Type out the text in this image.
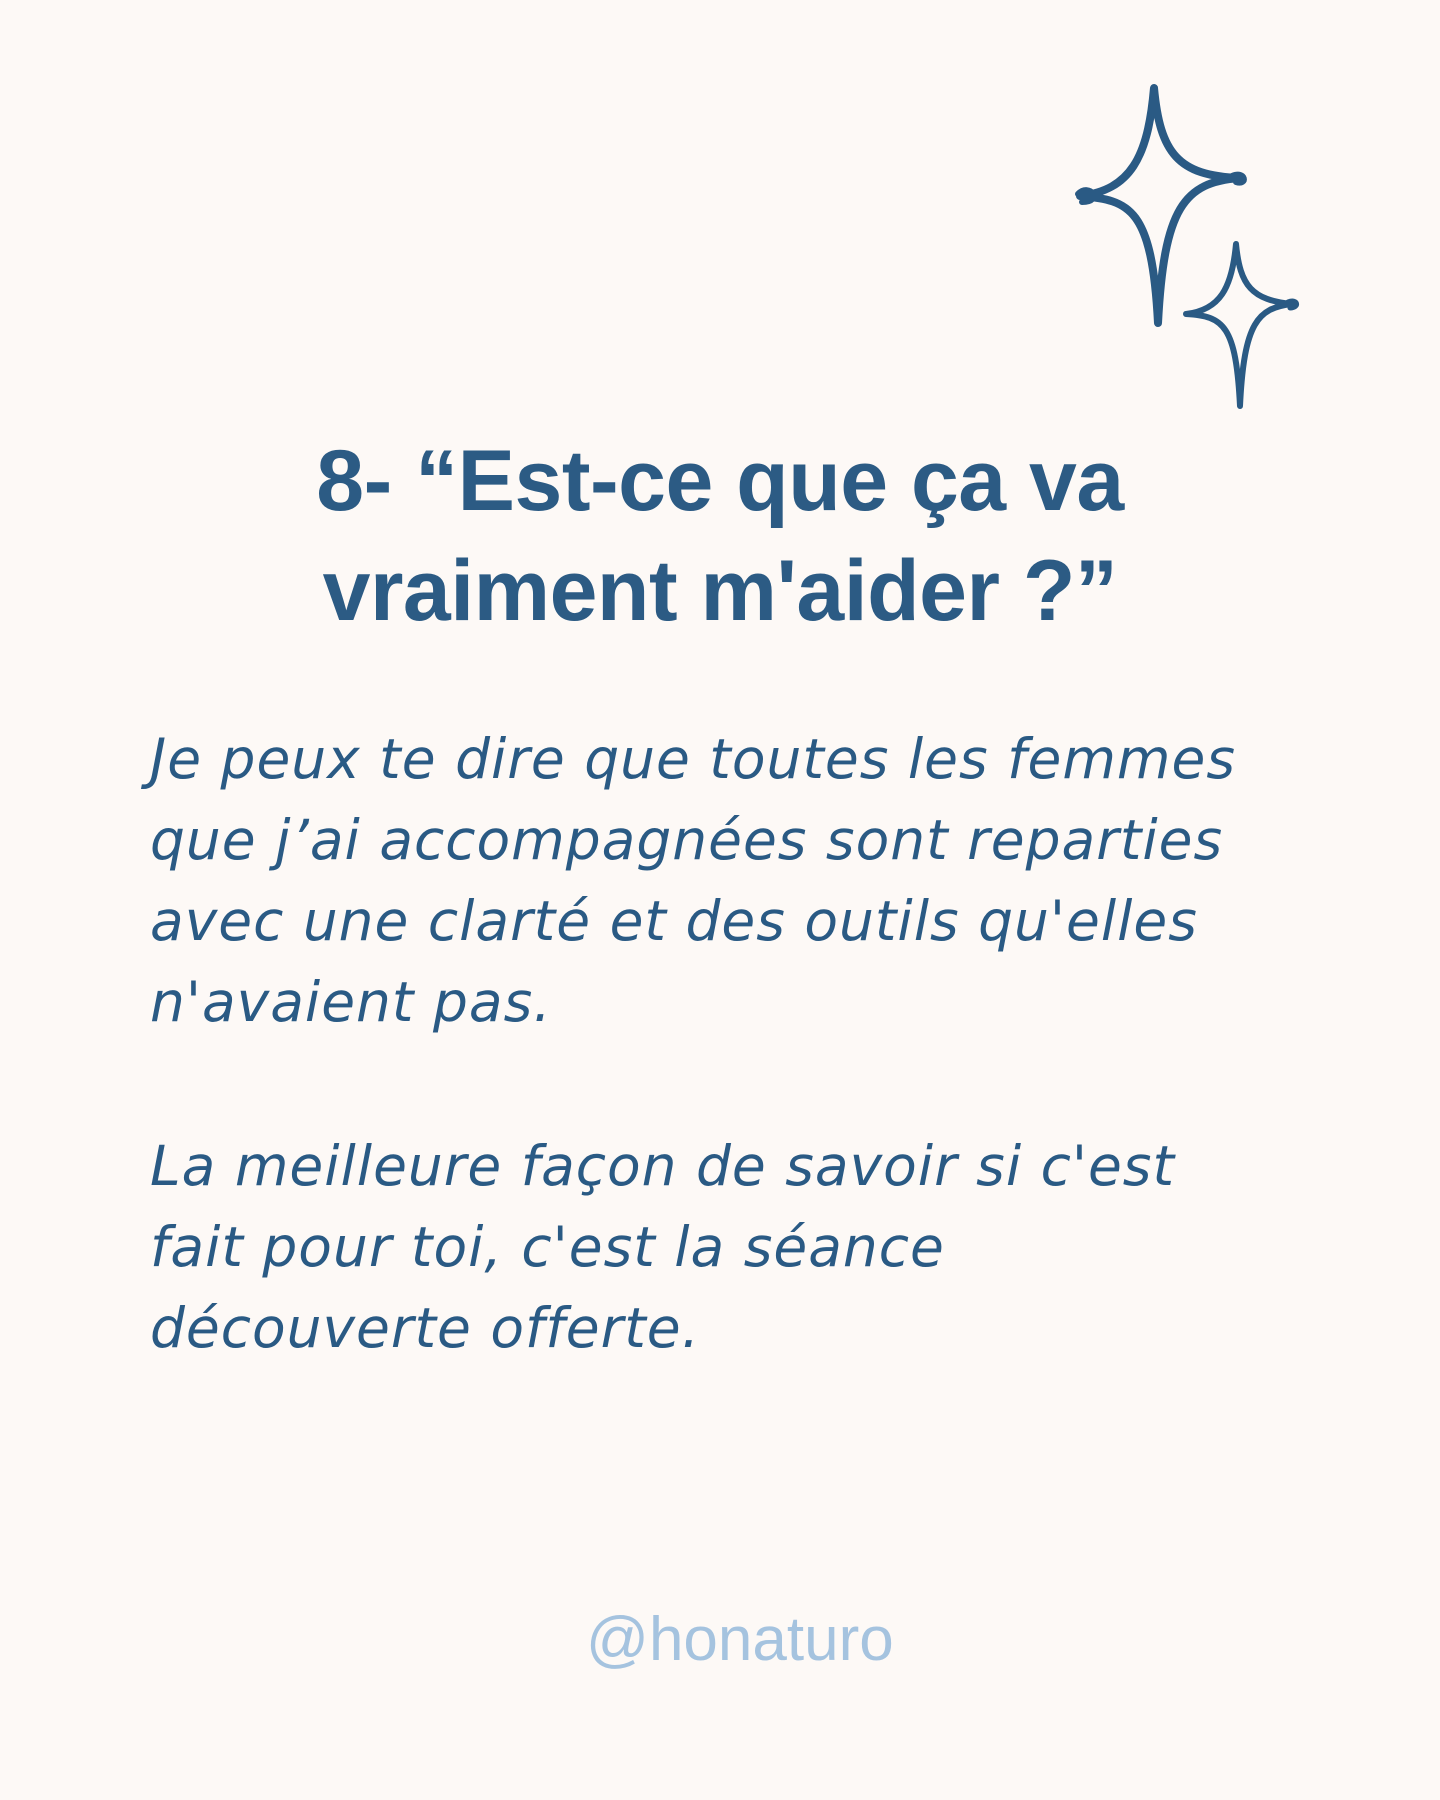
8- “Est-ce que ça va
vraiment m'aider ?”

Je peux te dire que toutes les femmes
que j’ai accompagnées sont reparties
avec une clarté et des outils qu'elles
n'avaient pas.

La meilleure façon de savoir si c'est
fait pour toi, c'est la séance
découverte offerte.

@honaturo
